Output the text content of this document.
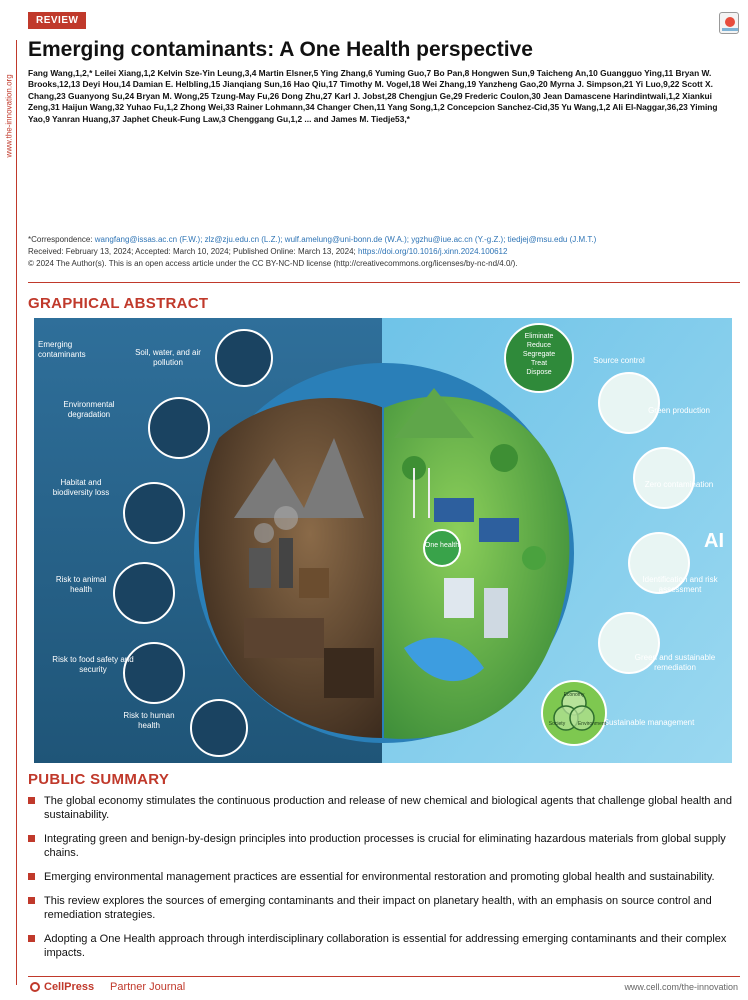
www.the-innovation.org
REVIEW
Emerging contaminants: A One Health perspective
Fang Wang,1,2,* Leilei Xiang,1,2 Kelvin Sze-Yin Leung,3,4 Martin Elsner,5 Ying Zhang,6 Yuming Guo,7 Bo Pan,8 Hongwen Sun,9 Taicheng An,10 Guangguo Ying,11 Bryan W. Brooks,12,13 Deyi Hou,14 Damian E. Helbling,15 Jianqiang Sun,16 Hao Qiu,17 Timothy M. Vogel,18 Wei Zhang,19 Yanzheng Gao,20 Myrna J. Simpson,21 Yi Luo,9,22 Scott X. Chang,23 Guanyong Su,24 Bryan M. Wong,25 Tzung-May Fu,26 Dong Zhu,27 Karl J. Jobst,28 Chengjun Ge,29 Frederic Coulon,30 Jean Damascene Harindintwali,1,2 Xiankui Zeng,31 Haijun Wang,32 Yuhao Fu,1,2 Zhong Wei,33 Rainer Lohmann,34 Changer Chen,11 Yang Song,1,2 Concepcion Sanchez-Cid,35 Yu Wang,1,2 Ali El-Naggar,36,23 Yiming Yao,9 Yanran Huang,37 Japhet Cheuk-Fung Law,3 Chenggang Gu,1,2 ... and James M. Tiedje53,*
*Correspondence: wangfang@issas.ac.cn (F.W.); zlz@zju.edu.cn (L.Z.); wulf.amelung@uni-bonn.de (W.A.); ygzhu@iue.ac.cn (Y.-g.Z.); tiedjej@msu.edu (J.M.T.)
Received: February 13, 2024; Accepted: March 10, 2024; Published Online: March 13, 2024; https://doi.org/10.1016/j.xinn.2024.100612
© 2024 The Author(s). This is an open access article under the CC BY-NC-ND license (http://creativecommons.org/licenses/by-nc-nd/4.0/).
GRAPHICAL ABSTRACT
Emerging contaminants	Soil, water, and air pollution
Environmental degradation
Habitat and biodiversity loss
Risk to animal health
Risk to food safety and security
Risk to human health
Source control
Green production
Zero contamination
Identification and risk assessment
Green and sustainable remediation
Sustainable management
Eliminate
Reduce
Segregate
Treat
Dispose
One health	AI
Economy
Society	Environment
PUBLIC SUMMARY
The global economy stimulates the continuous production and release of new chemical and biological agents that challenge global health and sustainability.
Integrating green and benign-by-design principles into production processes is crucial for eliminating hazardous materials from global supply chains.
Emerging environmental management practices are essential for environmental restoration and promoting global health and sustainability.
This review explores the sources of emerging contaminants and their impact on planetary health, with an emphasis on source control and remediation strategies.
Adopting a One Health approach through interdisciplinary collaboration is essential for addressing emerging contaminants and their complex impacts.
CellPress Partner Journal	www.cell.com/the-innovation
